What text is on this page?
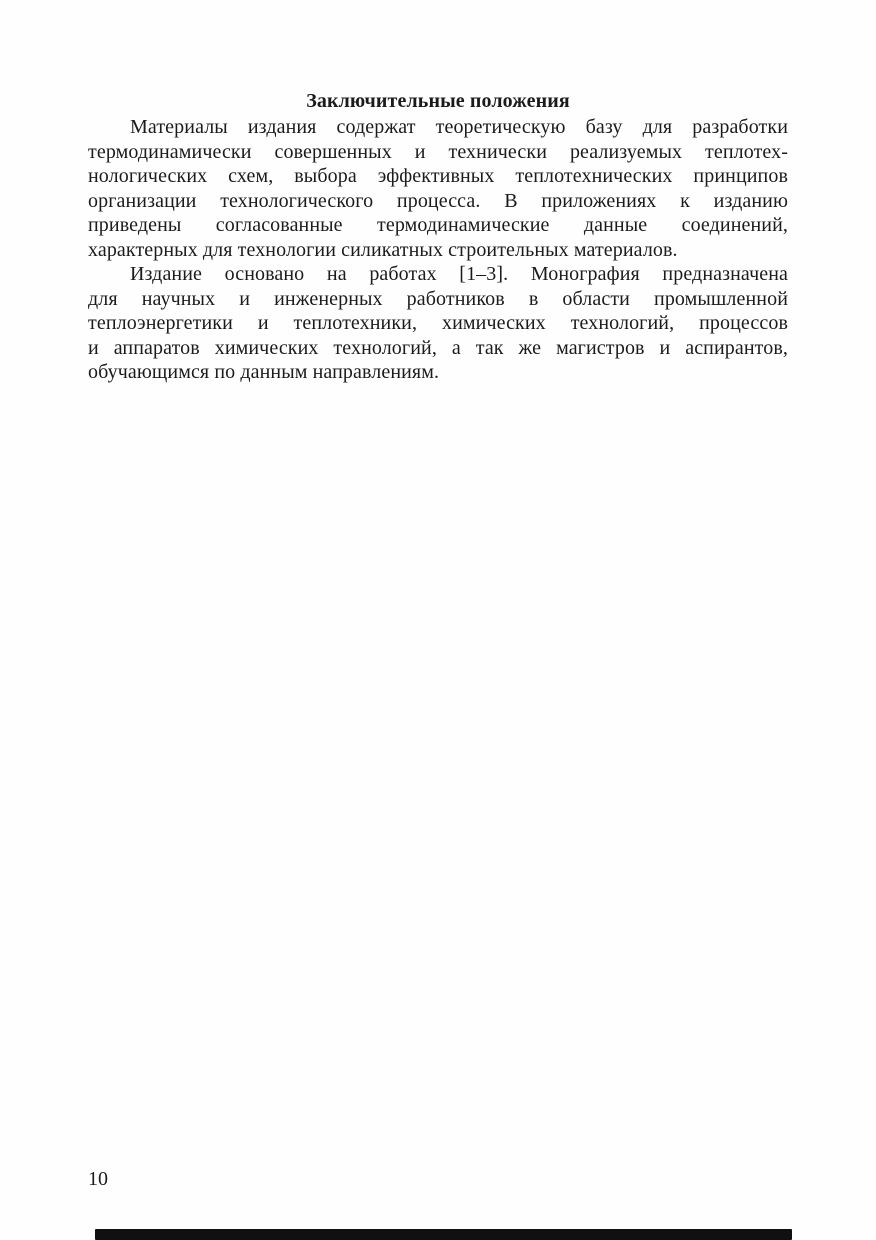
Заключительные положения
Материалы издания содержат теоретическую базу для разработки
термодинамически совершенных и технически реализуемых теплотех-
нологических схем, выбора эффективных теплотехнических принципов
организации технологического процесса. В приложениях к изданию
приведены согласованные термодинамические данные соединений,
характерных для технологии силикатных строительных материалов.
Издание основано на работах [1–3]. Монография предназначена
для научных и инженерных работников в области промышленной
теплоэнергетики и теплотехники, химических технологий, процессов
и аппаратов химических технологий, а так же магистров и аспирантов,
обучающимся по данным направлениям.
10
